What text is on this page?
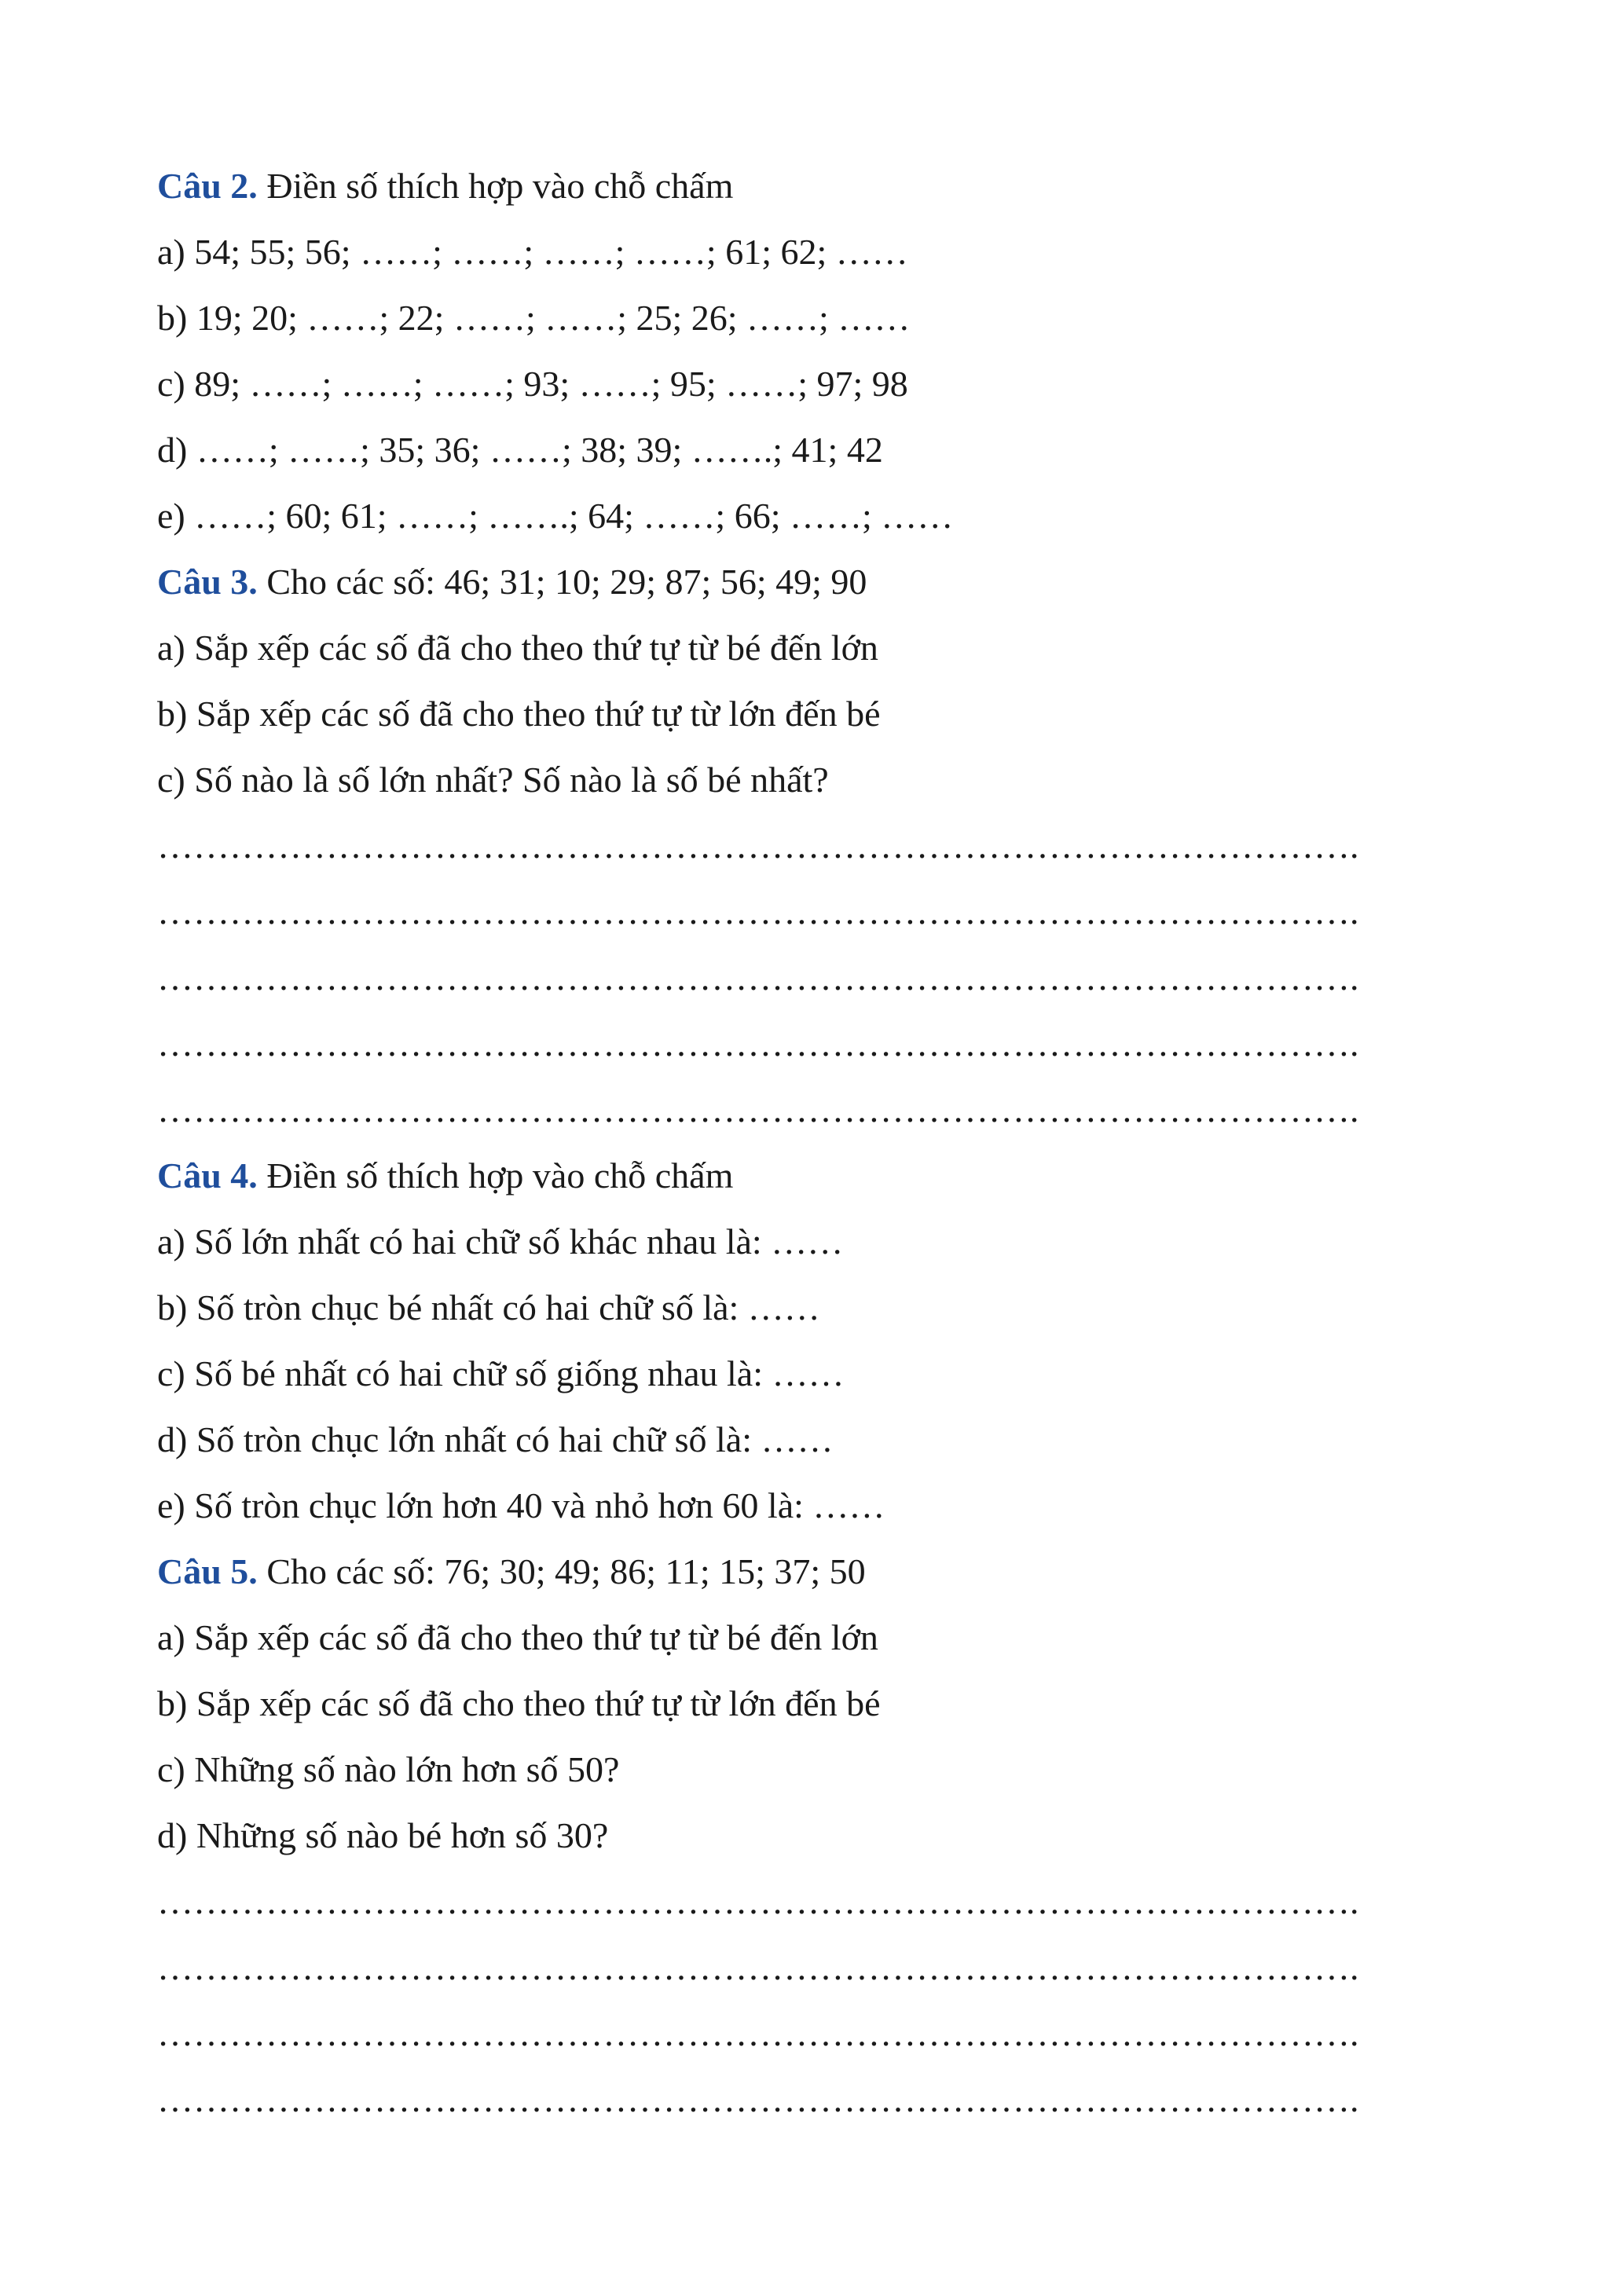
Câu 2. Điền số thích hợp vào chỗ chấm
a) 54; 55; 56; ……; ……; ……; ……; 61; 62; ……
b) 19; 20; ……; 22; ……; ……; 25; 26; ……; ……
c) 89; ……; ……; ……; 93; ……; 95; ……; 97; 98
d) ……; ……; 35; 36; ……; 38; 39; …….; 41; 42
e) ……; 60; 61; ……; …….; 64; ……; 66; ……; ……
Câu 3. Cho các số: 46; 31; 10; 29; 87; 56; 49; 90
a) Sắp xếp các số đã cho theo thứ tự từ bé đến lớn
b) Sắp xếp các số đã cho theo thứ tự từ lớn đến bé
c) Số nào là số lớn nhất? Số nào là số bé nhất?
……………………………………………………………………………………….
……………………………………………………………………………………….
……………………………………………………………………………………….
……………………………………………………………………………………….
……………………………………………………………………………………….
Câu 4. Điền số thích hợp vào chỗ chấm
a) Số lớn nhất có hai chữ số khác nhau là: ……
b) Số tròn chục bé nhất có hai chữ số là: ……
c) Số bé nhất có hai chữ số giống nhau là: ……
d) Số tròn chục lớn nhất có hai chữ số là: ……
e) Số tròn chục lớn hơn 40 và nhỏ hơn 60 là: ……
Câu 5. Cho các số: 76; 30; 49; 86; 11; 15; 37; 50
a) Sắp xếp các số đã cho theo thứ tự từ bé đến lớn
b) Sắp xếp các số đã cho theo thứ tự từ lớn đến bé
c) Những số nào lớn hơn số 50?
d) Những số nào bé hơn số 30?
……………………………………………………………………………………….
……………………………………………………………………………………….
……………………………………………………………………………………….
……………………………………………………………………………………….
